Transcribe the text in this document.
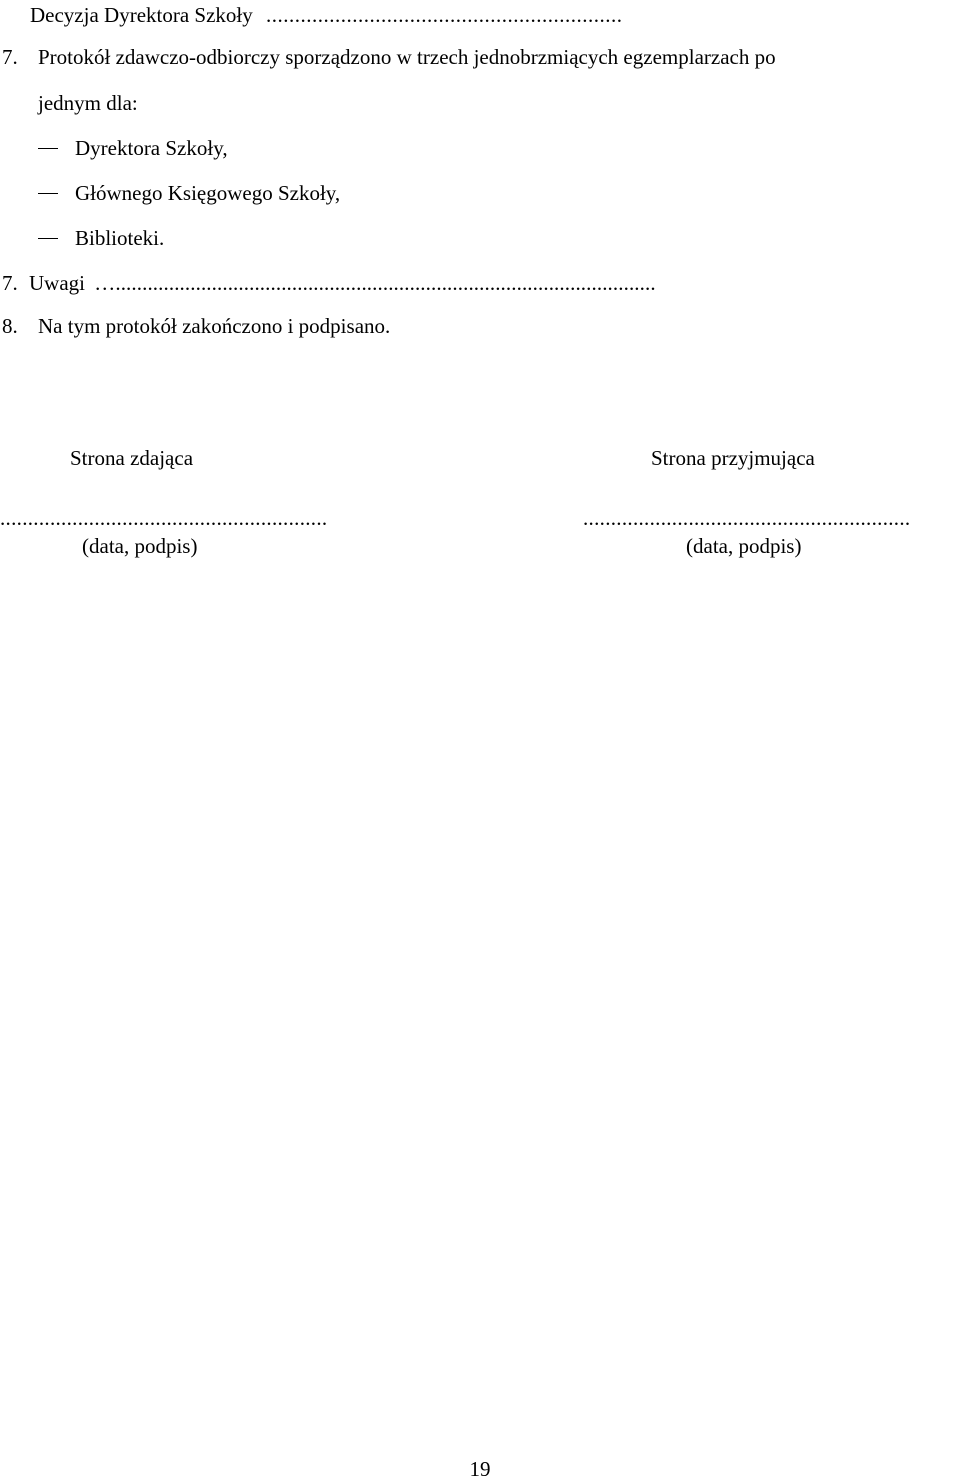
Decyzja Dyrektora Szkoły ..............................................................
7. Protokół zdawczo-odbiorczy sporządzono w trzech jednobrzmiących egzemplarzach po
jednym dla:
Dyrektora Szkoły,
Głównego Księgowego Szkoły,
Biblioteki.
7. Uwagi ….....................................................................................................
8. Na tym protokół zakończono i podpisano.
Strona zdająca
...........................................................
(data, podpis)
Strona przyjmująca
...........................................................
(data, podpis)
19
